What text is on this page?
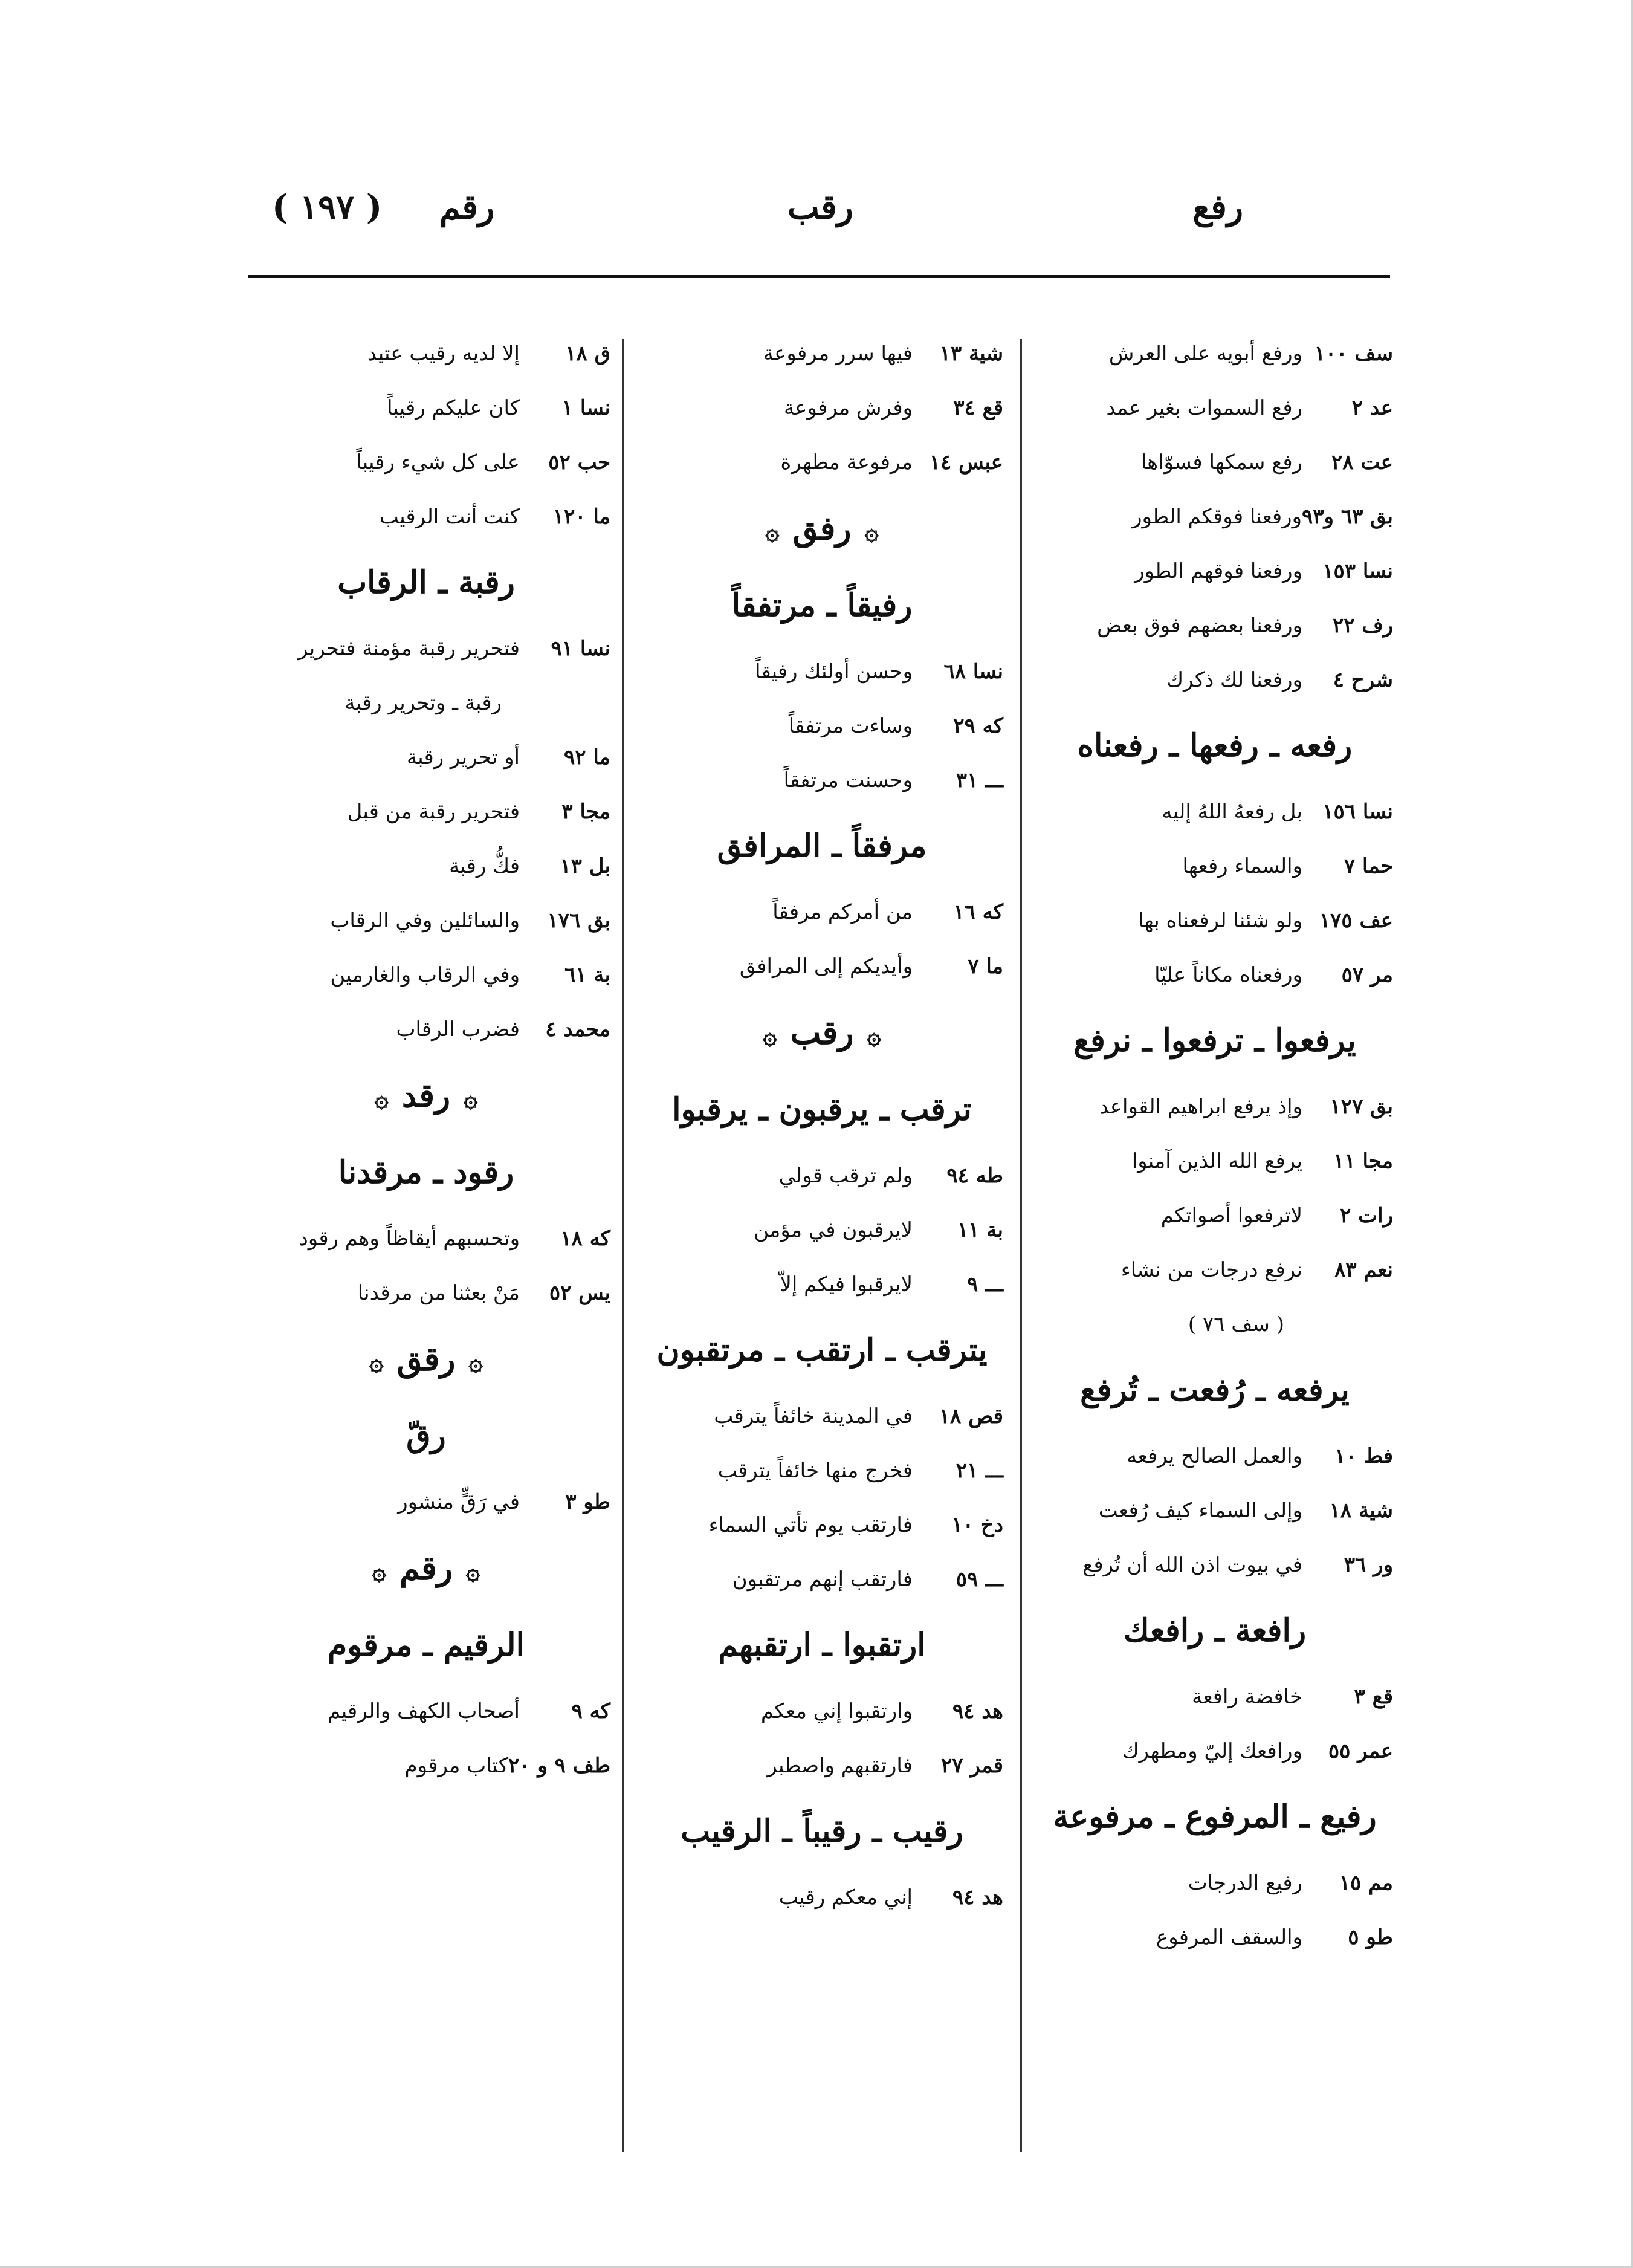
رفع
رقب
رقم
( ١٩٧ )
سف ١٠٠
ورفع أبويه على العرش
عد ٢
رفع السموات بغير عمد
عت ٢٨
رفع سمكها فسوّاها
بق ٦٣ و٩٣
ورفعنا فوقكم الطور
نسا ١٥٣
ورفعنا فوقهم الطور
رف ٢٢
ورفعنا بعضهم فوق بعض
شرح ٤
ورفعنا لك ذكرك
رفعه ـ رفعها ـ رفعناه
نسا ١٥٦
بل رفعهُ اللهُ إليه
حما ٧
والسماء رفعها
عف ١٧٥
ولو شئنا لرفعناه بها
مر ٥٧
ورفعناه مكاناً عليّا
يرفعوا ـ ترفعوا ـ نرفع
بق ١٢٧
وإذ يرفع ابراهيم القواعد
مجا ١١
يرفع الله الذين آمنوا
رات ٢
لاترفعوا أصواتكم
نعم ٨٣
نرفع درجات من نشاء
( سف ٧٦ )
يرفعه ـ رُفعت ـ تُرفع
فط ١٠
والعمل الصالح يرفعه
شية ١٨
وإلى السماء كيف رُفعت
ور ٣٦
في بيوت اذن الله أن تُرفع
رافعة ـ رافعك
قع ٣
خافضة رافعة
عمر ٥٥
ورافعك إليّ ومطهرك
رفيع ـ المرفوع ـ مرفوعة
مم ١٥
رفيع الدرجات
طو ٥
والسقف المرفوع
شية ١٣
فيها سرر مرفوعة
قع ٣٤
وفرش مرفوعة
عبس ١٤
مرفوعة مطهرة
۞رفق۞
رفيقاً ـ مرتفقاً
نسا ٦٨
وحسن أولئك رفيقاً
كه ٢٩
وساءت مرتفقاً
ـــ ٣١
وحسنت مرتفقاً
مرفقاً ـ المرافق
كه ١٦
من أمركم مرفقاً
ما ٧
وأيديكم إلى المرافق
۞رقب۞
ترقب ـ يرقبون ـ يرقبوا
طه ٩٤
ولم ترقب قولي
بة ١١
لايرقبون في مؤمن
ـــ ٩
لايرقبوا فيكم إلاّ
يترقب ـ ارتقب ـ مرتقبون
قص ١٨
في المدينة خائفاً يترقب
ـــ ٢١
فخرج منها خائفاً يترقب
دخ ١٠
فارتقب يوم تأتي السماء
ـــ ٥٩
فارتقب إنهم مرتقبون
ارتقبوا ـ ارتقبهم
هد ٩٤
وارتقبوا إني معكم
قمر ٢٧
فارتقبهم واصطبر
رقيب ـ رقيباً ـ الرقيب
هد ٩٤
إني معكم رقيب
ق ١٨
إلا لديه رقيب عتيد
نسا ١
كان عليكم رقيباً
حب ٥٢
على كل شيء رقيباً
ما ١٢٠
كنت أنت الرقيب
رقبة ـ الرقاب
نسا ٩١
فتحرير رقبة مؤمنة فتحرير
رقبة ـ وتحرير رقبة
ما ٩٢
أو تحرير رقبة
مجا ٣
فتحرير رقبة من قبل
بل ١٣
فكُّ رقبة
بق ١٧٦
والسائلين وفي الرقاب
بة ٦١
وفي الرقاب والغارمين
محمد ٤
فضرب الرقاب
۞رقد۞
رقود ـ مرقدنا
كه ١٨
وتحسبهم أيقاظاً وهم رقود
يس ٥٢
مَنْ بعثنا من مرقدنا
۞رقق۞
رقّ
طو ٣
في رَقٍّ منشور
۞رقم۞
الرقيم ـ مرقوم
كه ٩
أصحاب الكهف والرقيم
طف ٩ و ٢٠
كتاب مرقوم
